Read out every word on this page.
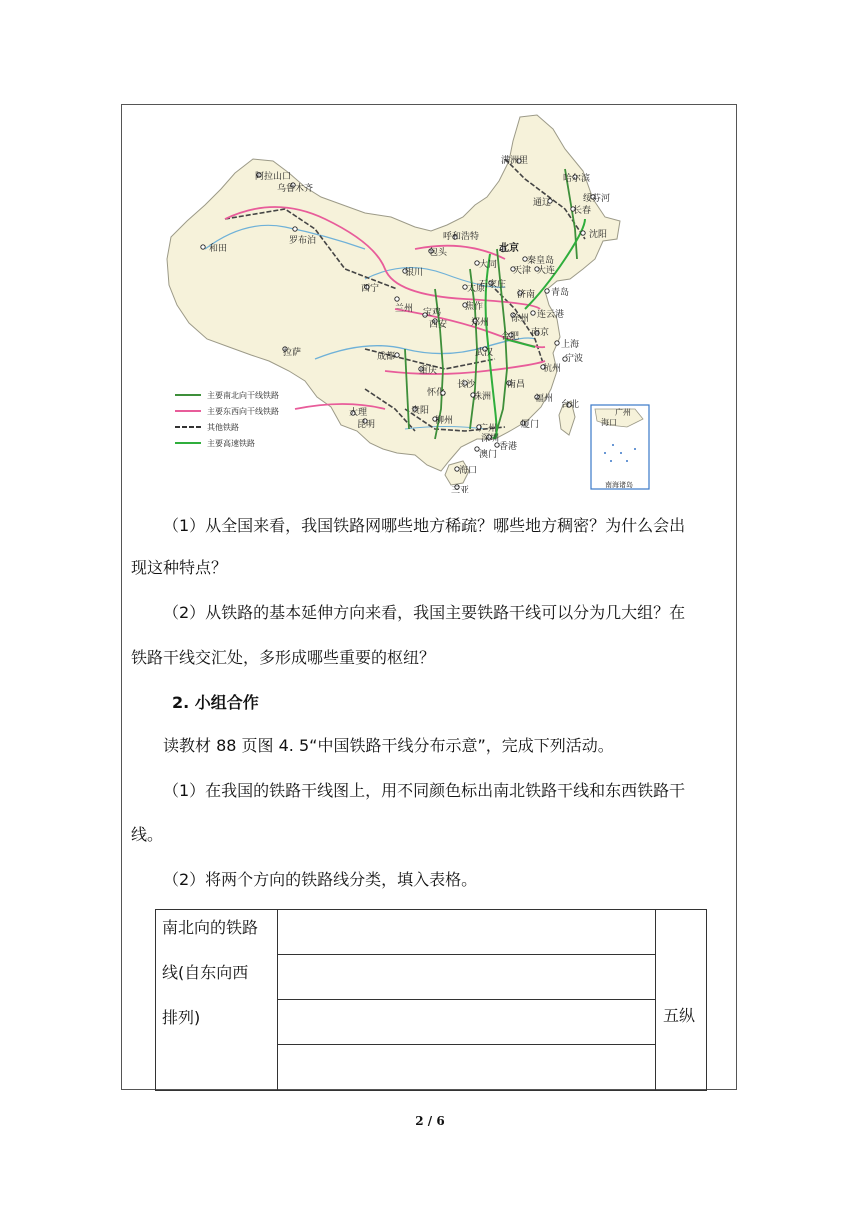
满洲里
哈尔滨
绥芬河
通辽
长春
沈阳
阿拉山口
乌鲁木齐
罗布泊
和田
呼和浩特
北京
包头
秦皇岛
大同
天津 大连
银川
石家庄
太原
济南 青岛
西宁
兰州 宝鸡
焦作
连云港
西安	郑州 徐州
拉萨	成都	武汉
合肥 南京
上海
宁波
重庆	杭州
长沙
怀化	株洲
南昌
福州
贵阳
大理
昆明	柳州
台北
广州	厦门
深圳
香港
澳门
海口
三亚
主要南北向干线铁路
主要东西向干线铁路
其他铁路
主要高速铁路
广州
海口
南海诸岛
（1）从全国来看，我国铁路网哪些地方稀疏？哪些地方稠密？为什么会出
现这种特点？
（2）从铁路的基本延伸方向来看，我国主要铁路干线可以分为几大组？在
铁路干线交汇处，多形成哪些重要的枢纽？
2. 小组合作
读教材 88 页图 4. 5“中国铁路干线分布示意”，完成下列活动。
（1）在我国的铁路干线图上，用不同颜色标出南北铁路干线和东西铁路干
线。
（2）将两个方向的铁路线分类，填入表格。
南北向的铁路
线(自东向西
排列)	五纵
2 / 6
